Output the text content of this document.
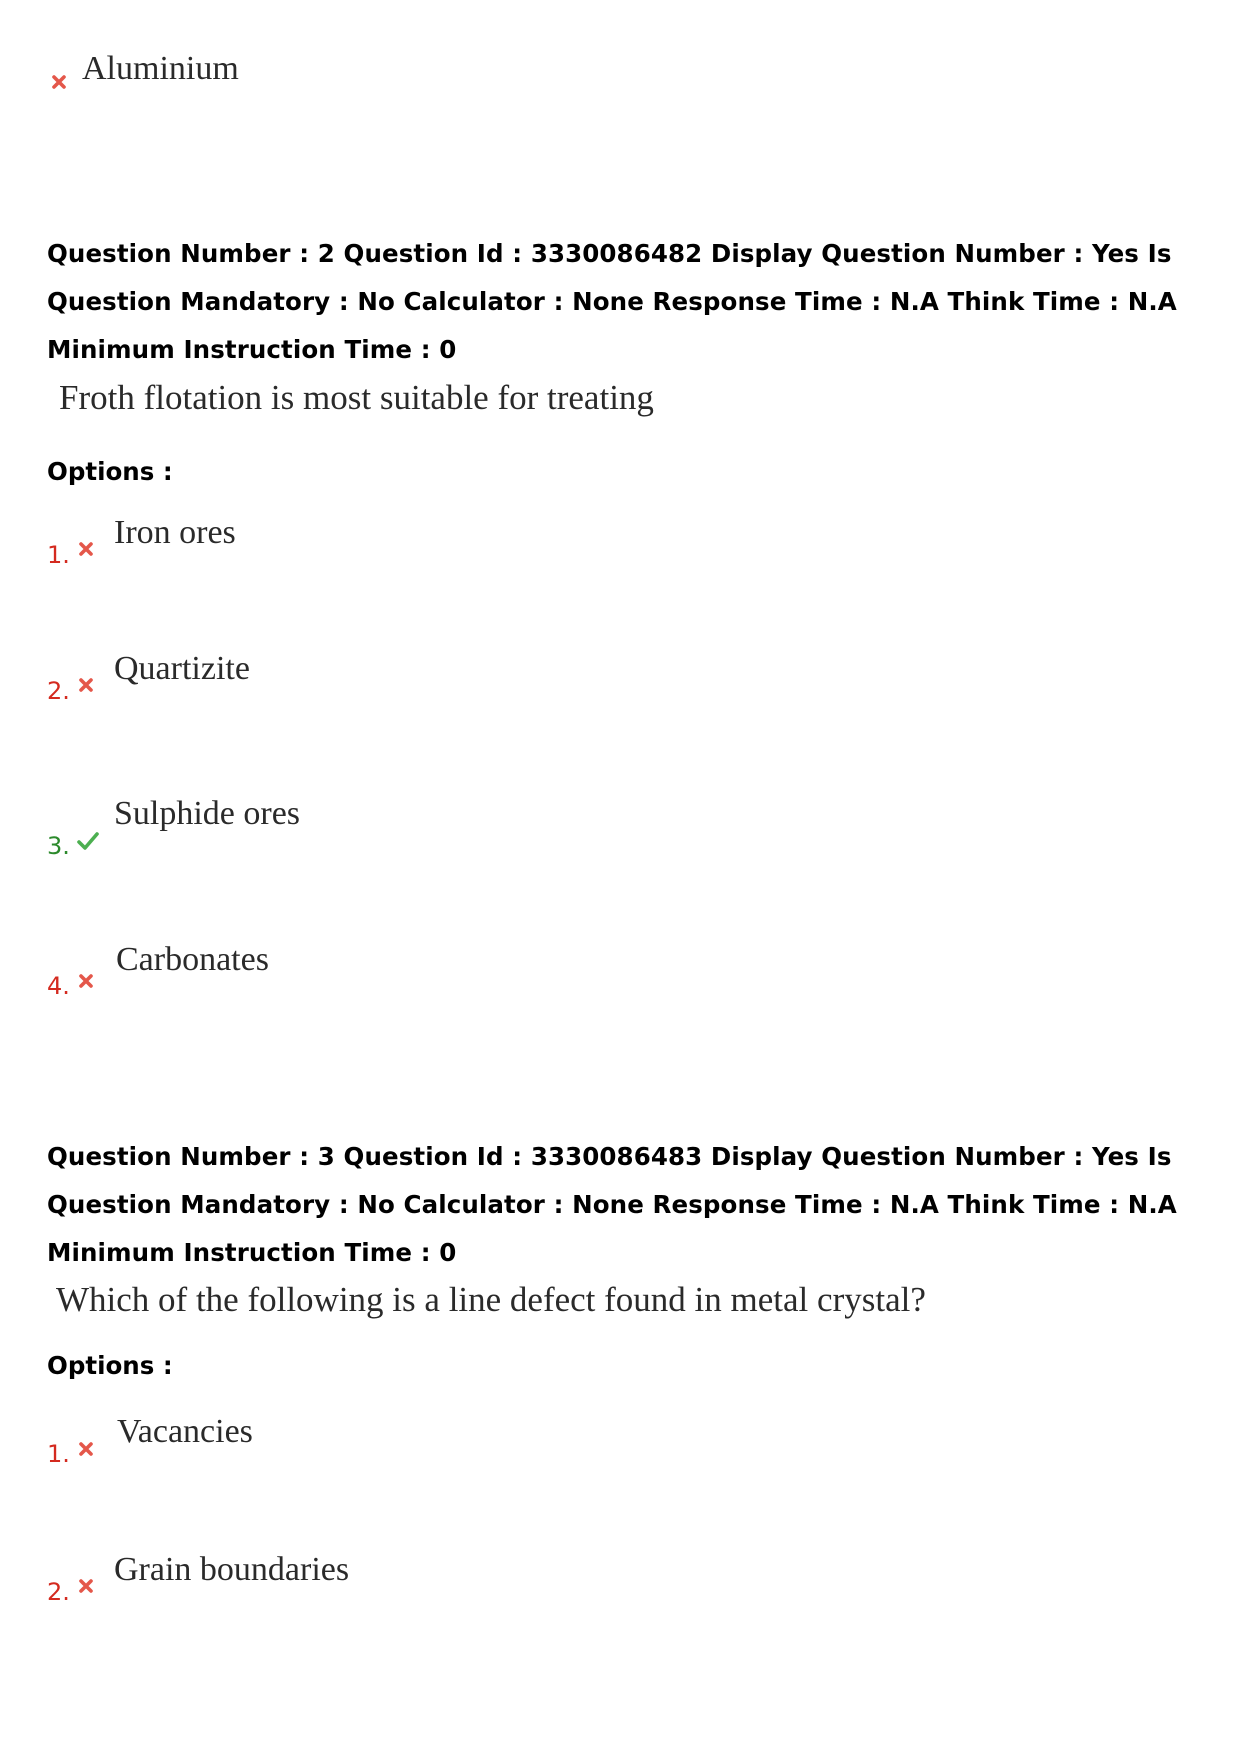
Aluminium
Question Number : 2 Question Id : 3330086482 Display Question Number : Yes Is Question Mandatory : No Calculator : None Response Time : N.A Think Time : N.A Minimum Instruction Time : 0
Froth flotation is most suitable for treating
Options :
1.
Iron ores
2.
Quartizite
3.
Sulphide ores
4.
Carbonates
Question Number : 3 Question Id : 3330086483 Display Question Number : Yes Is Question Mandatory : No Calculator : None Response Time : N.A Think Time : N.A Minimum Instruction Time : 0
Which of the following is a line defect found in metal crystal?
Options :
1.
Vacancies
2.
Grain boundaries
